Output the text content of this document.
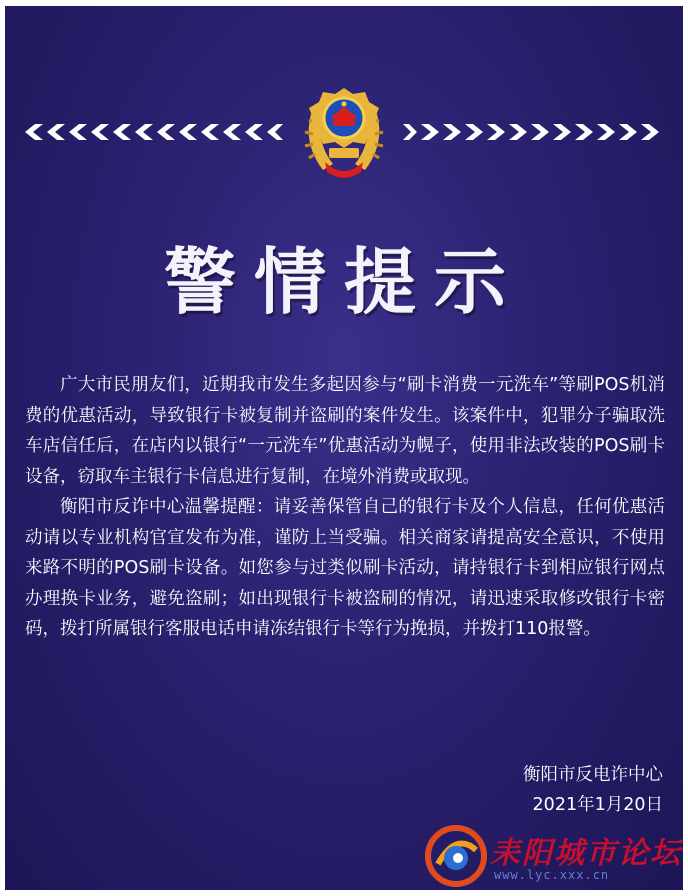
警情提示

广大市民朋友们，近期我市发生多起因参与“刷卡消费一元洗车”等刷POS机消费的优惠活动，导致银行卡被复制并盗刷的案件发生。该案件中，犯罪分子骗取洗车店信任后，在店内以银行“一元洗车”优惠活动为幌子，使用非法改装的POS刷卡设备，窃取车主银行卡信息进行复制，在境外消费或取现。

衡阳市反诈中心温馨提醒：请妥善保管自己的银行卡及个人信息，任何优惠活动请以专业机构官宣发布为准，谨防上当受骗。相关商家请提高安全意识，不使用来路不明的POS刷卡设备。如您参与过类似刷卡活动，请持银行卡到相应银行网点办理换卡业务，避免盗刷；如出现银行卡被盗刷的情况，请迅速采取修改银行卡密码，拨打所属银行客服电话申请冻结银行卡等行为挽损，并拨打110报警。

衡阳市反电诈中心
2021年1月20日
耒阳城市论坛
www.lyc.xxx.cn
